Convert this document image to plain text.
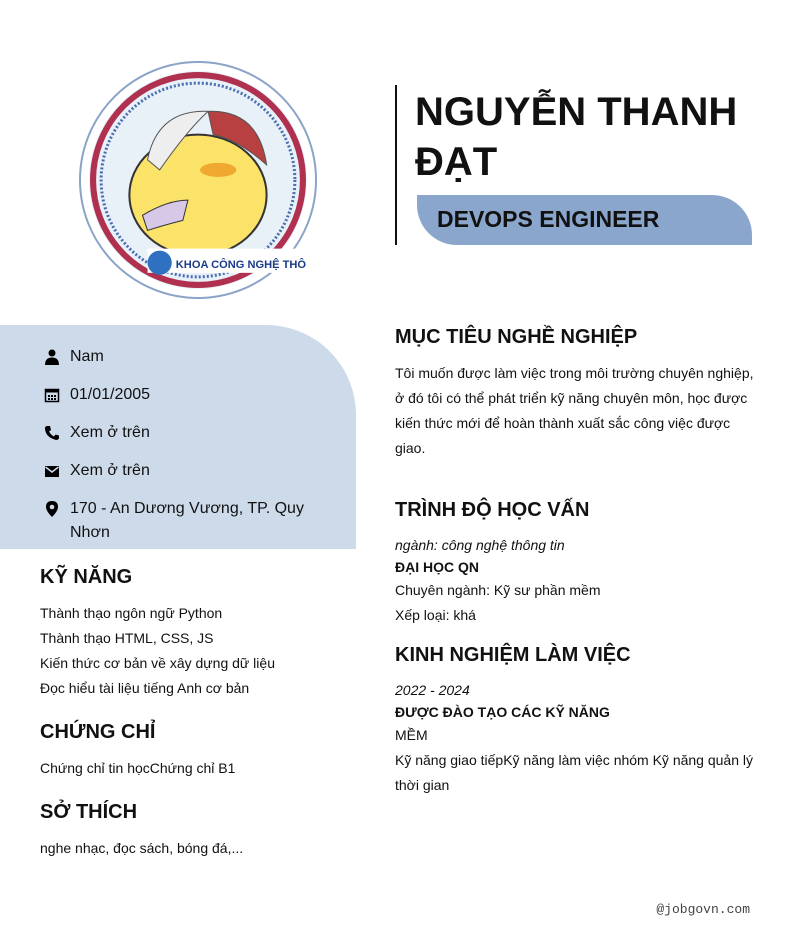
KHOA CÔNG NGHỆ THÔ
NGUYỄN THANH ĐẠT
DEVOPS ENGINEER
Nam
01/01/2005
Xem ở trên
Xem ở trên
170 - An Dương Vương, TP. Quy Nhơn
KỸ NĂNG

Thành thạo ngôn ngữ Python

Thành thạo HTML, CSS, JS

Kiến thức cơ bản về xây dựng dữ liệu

Đọc hiểu tài liệu tiếng Anh cơ bản

CHỨNG CHỈ

Chứng chỉ tin họcChứng chỉ B1

SỞ THÍCH

nghe nhạc, đọc sách, bóng đá,...

MỤC TIÊU NGHỀ NGHIỆP

Tôi muốn được làm việc trong môi trường chuyên nghiệp, ở đó tôi có thể phát triển kỹ năng chuyên môn, học được kiến thức mới để hoàn thành xuất sắc công việc được giao.

TRÌNH ĐỘ HỌC VẤN

ngành: công nghệ thông tin

ĐẠI HỌC QN

Chuyên ngành: Kỹ sư phần mềm

Xếp loại: khá

KINH NGHIỆM LÀM VIỆC

2022 - 2024

ĐƯỢC ĐÀO TẠO CÁC KỸ NĂNG

MỀM

Kỹ năng giao tiếpKỹ năng làm việc nhóm Kỹ năng quản lý thời gian

@jobgovn.com
